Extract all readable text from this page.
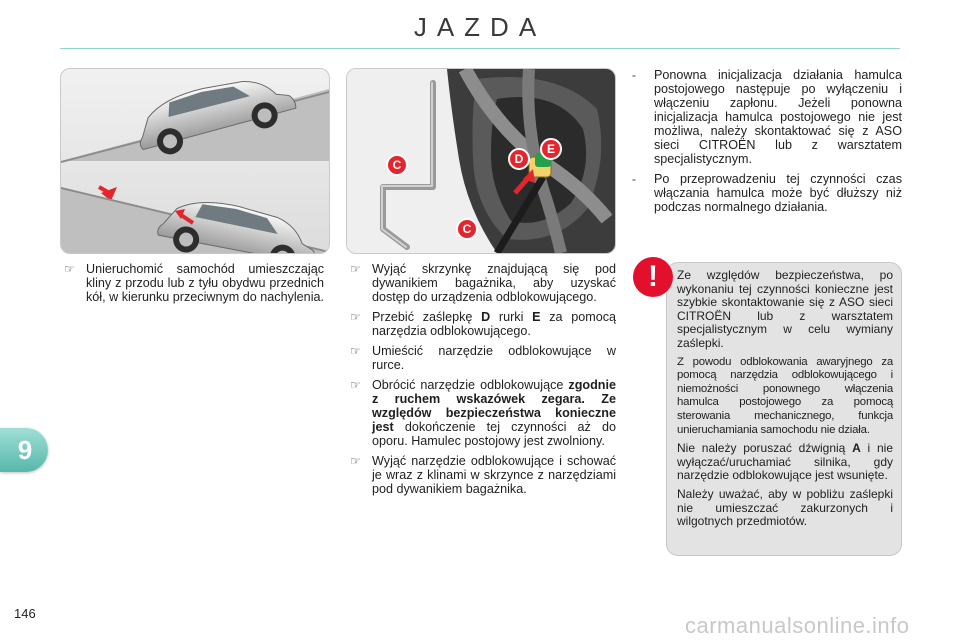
JAZDA
9
C
C
D
E
☞ Unieruchomić samochód umieszczając kliny z przodu lub z tyłu obydwu przednich kół, w kierunku przeciwnym do nachylenia.
☞ Wyjąć skrzynkę znajdującą się pod dywanikiem bagażnika, aby uzyskać dostęp do urządzenia odblokowującego.
☞ Przebić zaślepkę D rurki E za pomocą narzędzia odblokowującego.
☞ Umieścić narzędzie odblokowujące w rurce.
☞ Obrócić narzędzie odblokowujące zgodnie z ruchem wskazówek zegara. Ze względów bezpieczeństwa konieczne jest dokończenie tej czynności aż do oporu. Hamulec postojowy jest zwolniony.
☞ Wyjąć narzędzie odblokowujące i schować je wraz z klinami w skrzynce z narzędziami pod dywanikiem bagażnika.
- Ponowna inicjalizacja działania hamulca postojowego następuje po wyłączeniu i włączeniu zapłonu. Jeżeli ponowna inicjalizacja hamulca postojowego nie jest możliwa, należy skontaktować się z ASO sieci CITROËN lub z warsztatem specjalistycznym.
- Po przeprowadzeniu tej czynności czas włączania hamulca może być dłuższy niż podczas normalnego działania.
!	Ze względów bezpieczeństwa, po wykonaniu tej czynności konieczne jest szybkie skontaktowanie się z ASO sieci CITROËN lub z warsztatem specjalistycznym w celu wymiany zaślepki.

Z powodu odblokowania awaryjnego za pomocą narzędzia odblokowującego i niemożności ponownego włączenia hamulca postojowego za pomocą sterowania mechanicznego, funkcja unieruchamiania samochodu nie działa.

Nie należy poruszać dźwignią A i nie wyłączać/uruchamiać silnika, gdy narzędzie odblokowujące jest wsunięte.

Należy uważać, aby w pobliżu zaślepki nie umieszczać zakurzonych i wilgotnych przedmiotów.

146	carmanualsonline.info
